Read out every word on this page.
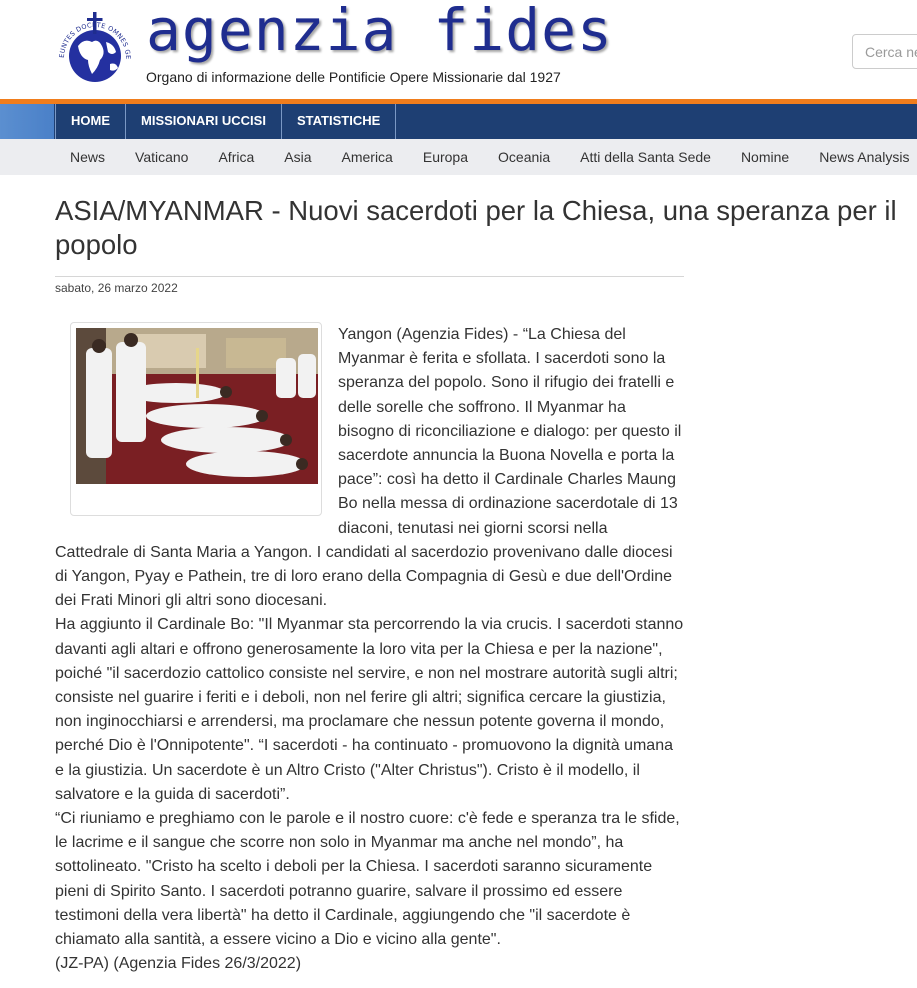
EUNTES DOCETE OMNES GE agenzia fides
Organo di informazione delle Pontificie Opere Missionarie dal 1927
Cerca ne
HOME	MISSIONARI UCCISI	STATISTICHE
News	Vaticano	Africa	Asia	America	Europa	Oceania	Atti della Santa Sede	Nomine	News Analysis
ASIA/MYANMAR - Nuovi sacerdoti per la Chiesa, una speranza per il popolo
sabato, 26 marzo 2022

Yangon (Agenzia Fides) - “La Chiesa del Myanmar è ferita e sfollata. I sacerdoti sono la speranza del popolo. Sono il rifugio dei fratelli e delle sorelle che soffrono. Il Myanmar ha bisogno di riconciliazione e dialogo: per questo il sacerdote annuncia la Buona Novella e porta la pace”: così ha detto il Cardinale Charles Maung Bo nella messa di ordinazione sacerdotale di 13 diaconi, tenutasi nei giorni scorsi nella Cattedrale di Santa Maria a Yangon. I candidati al sacerdozio provenivano dalle diocesi di Yangon, Pyay e Pathein, tre di loro erano della Compagnia di Gesù e due dell'Ordine dei Frati Minori gli altri sono diocesani.

Ha aggiunto il Cardinale Bo: "Il Myanmar sta percorrendo la via crucis. I sacerdoti stanno davanti agli altari e offrono generosamente la loro vita per la Chiesa e per la nazione", poiché "il sacerdozio cattolico consiste nel servire, e non nel mostrare autorità sugli altri; consiste nel guarire i feriti e i deboli, non nel ferire gli altri; significa cercare la giustizia, non inginocchiarsi e arrendersi, ma proclamare che nessun potente governa il mondo, perché Dio è l'Onnipotente". “I sacerdoti - ha continuato - promuovono la dignità umana e la giustizia. Un sacerdote è un Altro Cristo ("Alter Christus"). Cristo è il modello, il salvatore e la guida di sacerdoti”.

“Ci riuniamo e preghiamo con le parole e il nostro cuore: c'è fede e speranza tra le sfide, le lacrime e il sangue che scorre non solo in Myanmar ma anche nel mondo”, ha sottolineato. "Cristo ha scelto i deboli per la Chiesa. I sacerdoti saranno sicuramente pieni di Spirito Santo. I sacerdoti potranno guarire, salvare il prossimo ed essere testimoni della vera libertà" ha detto il Cardinale, aggiungendo che "il sacerdote è chiamato alla santità, a essere vicino a Dio e vicino alla gente".

(JZ-PA) (Agenzia Fides 26/3/2022)
